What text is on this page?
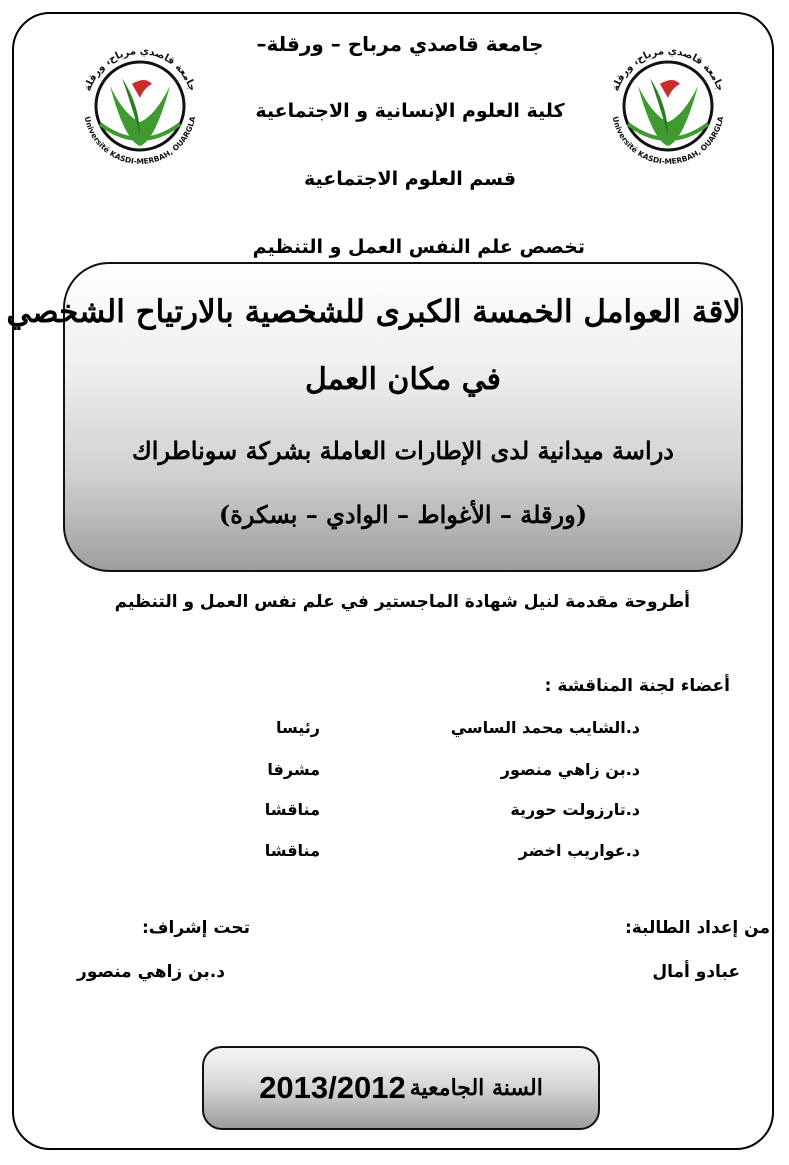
جامعة قاصدي مرباح، ورقلة
Université KASDI-MERBAH, OUARGLA
جامعة قاصدي مرباح، ورقلة
Université KASDI-MERBAH, OUARGLA
جامعة قاصدي مرباح – ورقلة–
كلية العلوم الإنسانية و الاجتماعية
قسم العلوم الاجتماعية
تخصص علم النفس العمل و التنظيم
لاقة العوامل الخمسة الكبرى للشخصية بالارتياح الشخصي
في مكان العمل
دراسة ميدانية لدى الإطارات العاملة بشركة سوناطراك
(ورقلة – الأغواط – الوادي – بسكرة)
أطروحة مقدمة لنيل شهادة الماجستير في علم نفس العمل و التنظيم
أعضاء لجنة المناقشة :
د.الشايب محمد الساسي
رئيسا
د.بن زاهي منصور
مشرفا
د.تارزولت حورية
مناقشا
د.عواريب اخضر
مناقشا
من إعداد الطالبة:
عبادو أمال
تحت إشراف:
د.بن زاهي منصور
السنة الجامعية
2013/2012
